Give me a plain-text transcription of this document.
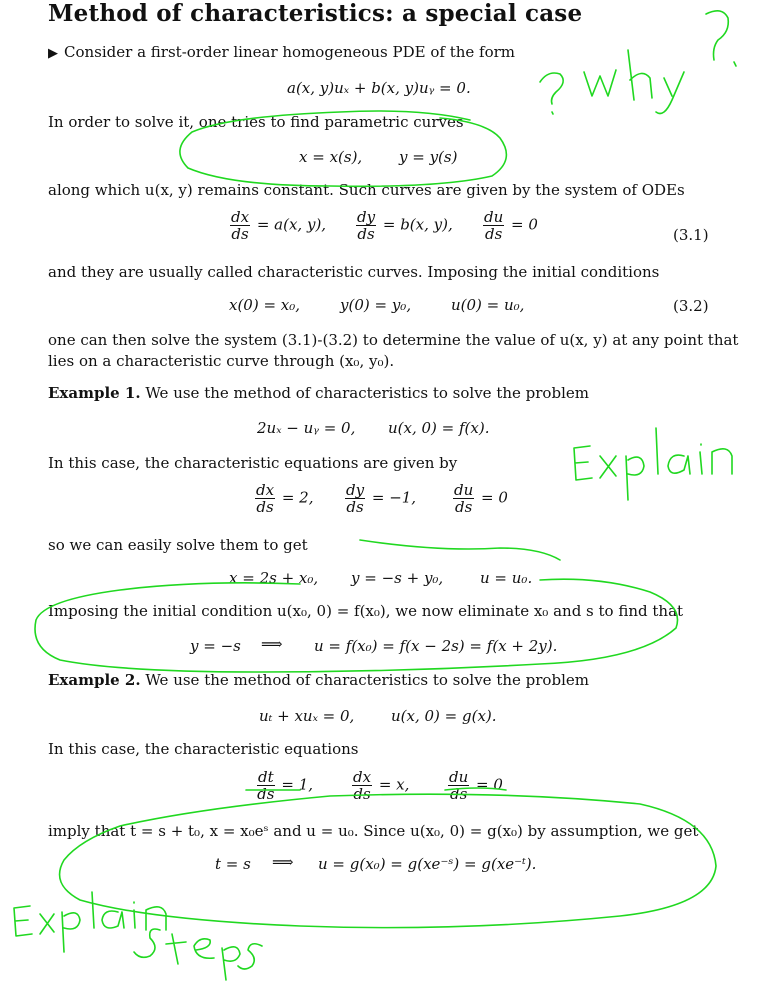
Method of characteristics: a special case
▶ Consider a first-order linear homogeneous PDE of the form
a(x, y)uₓ + b(x, y)uᵧ = 0.
In order to solve it, one tries to find parametric curves
x = x(s), y = y(s)
along which u(x, y) remains constant. Such curves are given by the system of ODEs
$\frac{dx}{ds} = a(x$, y), $\frac{dy}{ds} = b(x$, y), $\frac{du}{ds} = 0$
(3.1)
and they are usually called characteristic curves. Imposing the initial conditions
x(0) = x₀,	y(0) = y₀,	u(0) = u₀,	(3.2)
one can then solve the system (3.1)-(3.2) to determine the value of u(x, y) at any point that
lies on a characteristic curve through (x₀, y₀).
Example 1. We use the method of characteristics to solve the problem
2uₓ − uᵧ = 0, u(x, 0) = f(x).
In this case, the characteristic equations are given by
$\frac{dx}{ds} = 2$, $\frac{dy}{ds} = -1$, $\frac{du}{ds} = 0$
so we can easily solve them to get
x = 2s + x₀, y = −s + y₀, u = u₀.
Imposing the initial condition u(x₀, 0) = f(x₀), we now eliminate x₀ and s to find that
y = −s ⟹ u = f(x₀) = f(x − 2s) = f(x + 2y).
Example 2. We use the method of characteristics to solve the problem
uₜ + xuₓ = 0, u(x, 0) = g(x).
In this case, the characteristic equations
$\frac{dt}{ds} = 1$,	$\frac{dx}{ds} = x$,	$\frac{du}{ds} = 0$
imply that t = s + t₀, x = x₀eˢ and u = u₀. Since u(x₀, 0) = g(x₀) by assumption, we get
t = s ⟹ u = g(x₀) = g(xe⁻ˢ) = g(xe⁻ᵗ).
